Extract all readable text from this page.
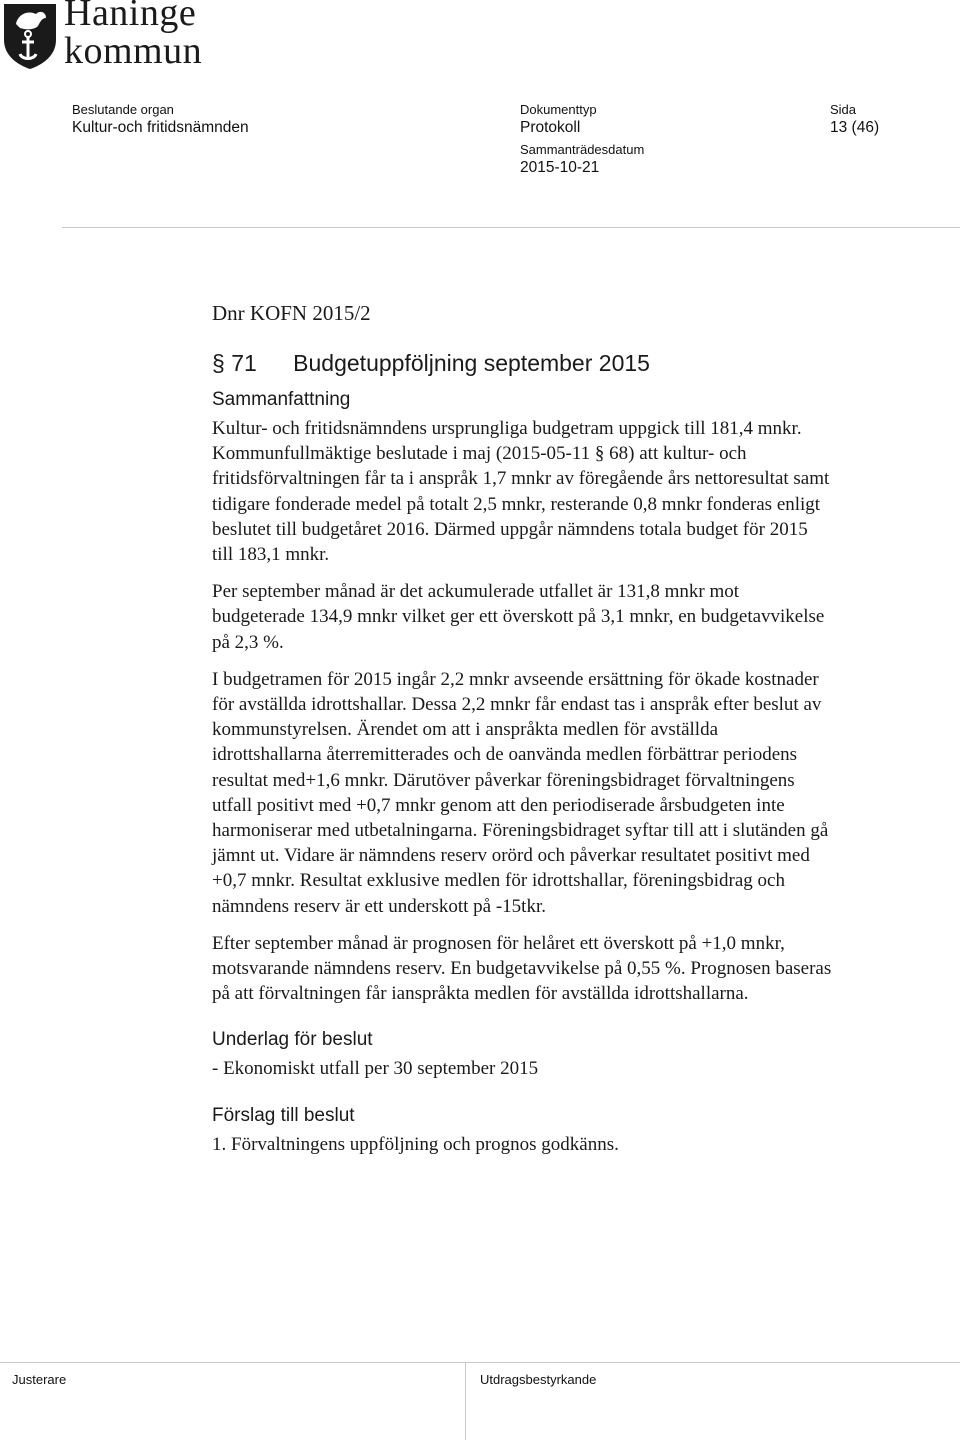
Haninge
kommun
Beslutande organ
Kultur-och fritidsnämnden
Dokumenttyp
Protokoll
Sammanträdesdatum
2015-10-21
Sida
13 (46)
Dnr KOFN 2015/2
§ 71 Budgetuppföljning september 2015
Sammanfattning

Kultur- och fritidsnämndens ursprungliga budgetram uppgick till 181,4 mnkr. Kommunfullmäktige beslutade i maj (2015-05-11 § 68) att kultur- och fritidsförvaltningen får ta i anspråk 1,7 mnkr av föregående års nettoresultat samt tidigare fonderade medel på totalt 2,5 mnkr, resterande 0,8 mnkr fonderas enligt beslutet till budgetåret 2016. Därmed uppgår nämndens totala budget för 2015 till 183,1 mnkr.

Per september månad är det ackumulerade utfallet är 131,8 mnkr mot budgeterade 134,9 mnkr vilket ger ett överskott på 3,1 mnkr, en budgetavvikelse på 2,3 %.

I budgetramen för 2015 ingår 2,2 mnkr avseende ersättning för ökade kostnader för avställda idrottshallar. Dessa 2,2 mnkr får endast tas i anspråk efter beslut av kommunstyrelsen. Ärendet om att i anspråkta medlen för avställda idrottshallarna återremitterades och de oanvända medlen förbättrar periodens resultat med+1,6 mnkr. Därutöver påverkar föreningsbidraget förvaltningens utfall positivt med +0,7 mnkr genom att den periodiserade årsbudgeten inte harmoniserar med utbetalningarna. Föreningsbidraget syftar till att i slutänden gå jämnt ut. Vidare är nämndens reserv orörd och påverkar resultatet positivt med +0,7 mnkr. Resultat exklusive medlen för idrottshallar, föreningsbidrag och nämndens reserv är ett underskott på -15tkr.

Efter september månad är prognosen för helåret ett överskott på +1,0 mnkr, motsvarande nämndens reserv. En budgetavvikelse på 0,55 %. Prognosen baseras på att förvaltningen får ianspråkta medlen för avställda idrottshallarna.

Underlag för beslut

- Ekonomiskt utfall per 30 september 2015

Förslag till beslut

1. Förvaltningens uppföljning och prognos godkänns.

Justerare	Utdragsbestyrkande
